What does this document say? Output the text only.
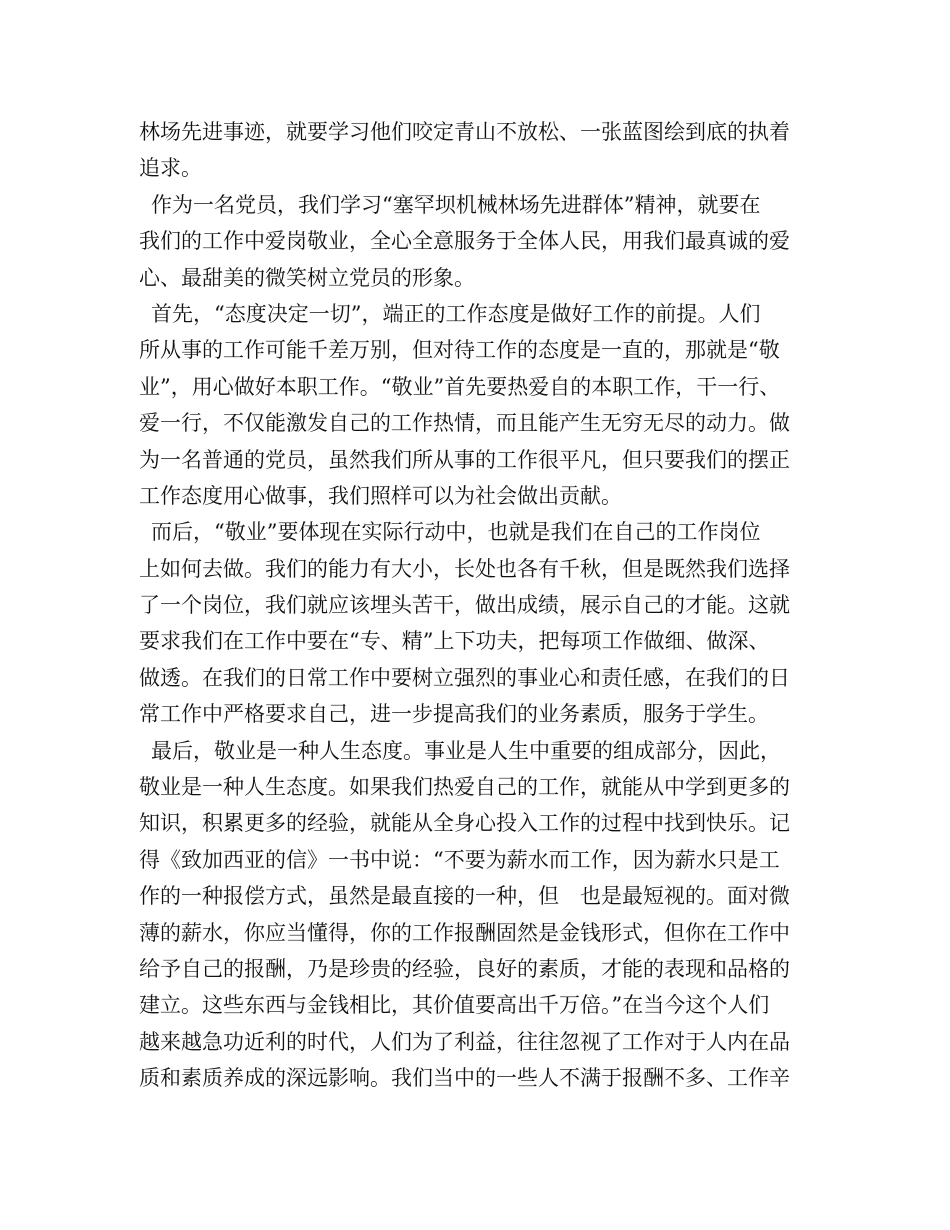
林场先进事迹，就要学习他们咬定青山不放松、一张蓝图绘到底的执着
追求。
作为一名党员，我们学习“塞罕坝机械林场先进群体”精神，就要在
我们的工作中爱岗敬业，全心全意服务于全体人民，用我们最真诚的爱
心、最甜美的微笑树立党员的形象。
首先，“态度决定一切”，端正的工作态度是做好工作的前提。人们
所从事的工作可能千差万别，但对待工作的态度是一直的，那就是“敬
业”，用心做好本职工作。“敬业”首先要热爱自的本职工作，干一行、
爱一行，不仅能激发自己的工作热情，而且能产生无穷无尽的动力。做
为一名普通的党员，虽然我们所从事的工作很平凡，但只要我们的摆正
工作态度用心做事，我们照样可以为社会做出贡献。
而后，“敬业”要体现在实际行动中，也就是我们在自己的工作岗位
上如何去做。我们的能力有大小，长处也各有千秋，但是既然我们选择
了一个岗位，我们就应该埋头苦干，做出成绩，展示自己的才能。这就
要求我们在工作中要在“专、精”上下功夫，把每项工作做细、做深、
做透。在我们的日常工作中要树立强烈的事业心和责任感，在我们的日
常工作中严格要求自己，进一步提高我们的业务素质，服务于学生。
最后，敬业是一种人生态度。事业是人生中重要的组成部分，因此，
敬业是一种人生态度。如果我们热爱自己的工作，就能从中学到更多的
知识，积累更多的经验，就能从全身心投入工作的过程中找到快乐。记
得《致加西亚的信》一书中说：“不要为薪水而工作，因为薪水只是工
作的一种报偿方式，虽然是最直接的一种，但　也是最短视的。面对微
薄的薪水，你应当懂得，你的工作报酬固然是金钱形式，但你在工作中
给予自己的报酬，乃是珍贵的经验，良好的素质，才能的表现和品格的
建立。这些东西与金钱相比，其价值要高出千万倍。”在当今这个人们
越来越急功近利的时代，人们为了利益，往往忽视了工作对于人内在品
质和素质养成的深远影响。我们当中的一些人不满于报酬不多、工作辛
